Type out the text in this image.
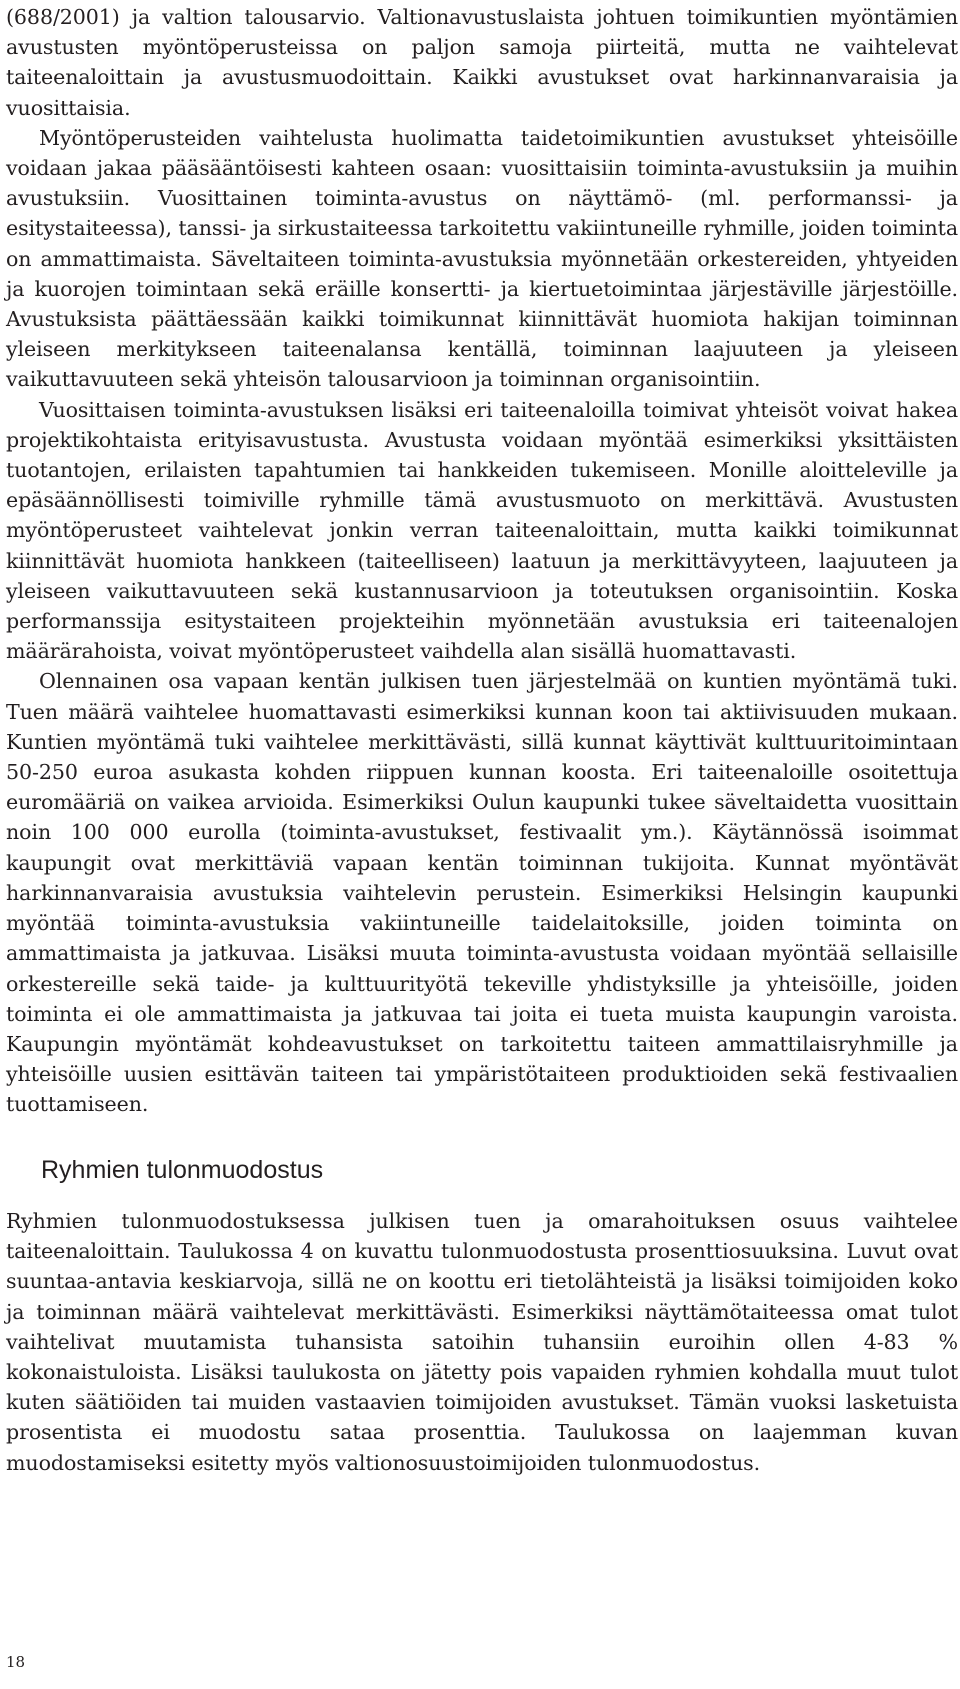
(688/2001) ja valtion talousarvio. Valtionavustuslaista johtuen toimikuntien myöntämien avustusten myöntöperusteissa on paljon samoja piirteitä, mutta ne vaihtelevat taiteenaloittain ja avustusmuodoittain. Kaikki avustukset ovat harkinnanvaraisia ja vuosittaisia.

Myöntöperusteiden vaihtelusta huolimatta taidetoimikuntien avustukset yhteisöille voidaan jakaa pääsääntöisesti kahteen osaan: vuosittaisiin toiminta-avustuksiin ja muihin avustuksiin. Vuosittainen toiminta-avustus on näyttämö- (ml. performanssi- ja esitystaiteessa), tanssi- ja sirkustaiteessa tarkoitettu vakiintuneille ryhmille, joiden toiminta on ammattimaista. Säveltaiteen toiminta-avustuksia myönnetään orkestereiden, yhtyeiden ja kuorojen toimintaan sekä eräille konsertti- ja kiertuetoimintaa järjestäville järjestöille. Avustuksista päättäessään kaikki toimikunnat kiinnittävät huomiota hakijan toiminnan yleiseen merkitykseen taiteenalansa kentällä, toiminnan laajuuteen ja yleiseen vaikuttavuuteen sekä yhteisön talousarvioon ja toiminnan organisointiin.

Vuosittaisen toiminta-avustuksen lisäksi eri taiteenaloilla toimivat yhteisöt voivat hakea projektikohtaista erityisavustusta. Avustusta voidaan myöntää esimerkiksi yksittäisten tuotantojen, erilaisten tapahtumien tai hankkeiden tukemiseen. Monille aloitteleville ja epäsäännöllisesti toimiville ryhmille tämä avustusmuoto on merkittävä. Avustusten myöntöperusteet vaihtelevat jonkin verran taiteenaloittain, mutta kaikki toimikunnat kiinnittävät huomiota hankkeen (taiteelliseen) laatuun ja merkittävyyteen, laajuuteen ja yleiseen vaikuttavuuteen sekä kustannusarvioon ja toteutuksen organisointiin. Koska performanssija esitystaiteen projekteihin myönnetään avustuksia eri taiteenalojen määrärahoista, voivat myöntöperusteet vaihdella alan sisällä huomattavasti.

Olennainen osa vapaan kentän julkisen tuen järjestelmää on kuntien myöntämä tuki. Tuen määrä vaihtelee huomattavasti esimerkiksi kunnan koon tai aktiivisuuden mukaan. Kuntien myöntämä tuki vaihtelee merkittävästi, sillä kunnat käyttivät kulttuuritoimintaan 50-250 euroa asukasta kohden riippuen kunnan koosta. Eri taiteenaloille osoitettuja euromääriä on vaikea arvioida. Esimerkiksi Oulun kaupunki tukee säveltaidetta vuosittain noin 100 000 eurolla (toiminta-avustukset, festivaalit ym.). Käytännössä isoimmat kaupungit ovat merkittäviä vapaan kentän toiminnan tukijoita. Kunnat myöntävät harkinnanvaraisia avustuksia vaihtelevin perustein. Esimerkiksi Helsingin kaupunki myöntää toiminta-avustuksia vakiintuneille taidelaitoksille, joiden toiminta on ammattimaista ja jatkuvaa. Lisäksi muuta toiminta-avustusta voidaan myöntää sellaisille orkestereille sekä taide- ja kulttuurityötä tekeville yhdistyksille ja yhteisöille, joiden toiminta ei ole ammattimaista ja jatkuvaa tai joita ei tueta muista kaupungin varoista. Kaupungin myöntämät kohdeavustukset on tarkoitettu taiteen ammattilaisryhmille ja yhteisöille uusien esittävän taiteen tai ympäristötaiteen produktioiden sekä festivaalien tuottamiseen.

Ryhmien tulonmuodostus

Ryhmien tulonmuodostuksessa julkisen tuen ja omarahoituksen osuus vaihtelee taiteenaloittain. Taulukossa 4 on kuvattu tulonmuodostusta prosenttiosuuksina. Luvut ovat suuntaa-antavia keskiarvoja, sillä ne on koottu eri tietolähteistä ja lisäksi toimijoiden koko ja toiminnan määrä vaihtelevat merkittävästi. Esimerkiksi näyttämötaiteessa omat tulot vaihtelivat muutamista tuhansista satoihin tuhansiin euroihin ollen 4-83 % kokonaistuloista. Lisäksi taulukosta on jätetty pois vapaiden ryhmien kohdalla muut tulot kuten säätiöiden tai muiden vastaavien toimijoiden avustukset. Tämän vuoksi lasketuista prosentista ei muodostu sataa prosenttia. Taulukossa on laajemman kuvan muodostamiseksi esitetty myös valtionosuustoimijoiden tulonmuodostus.

18
